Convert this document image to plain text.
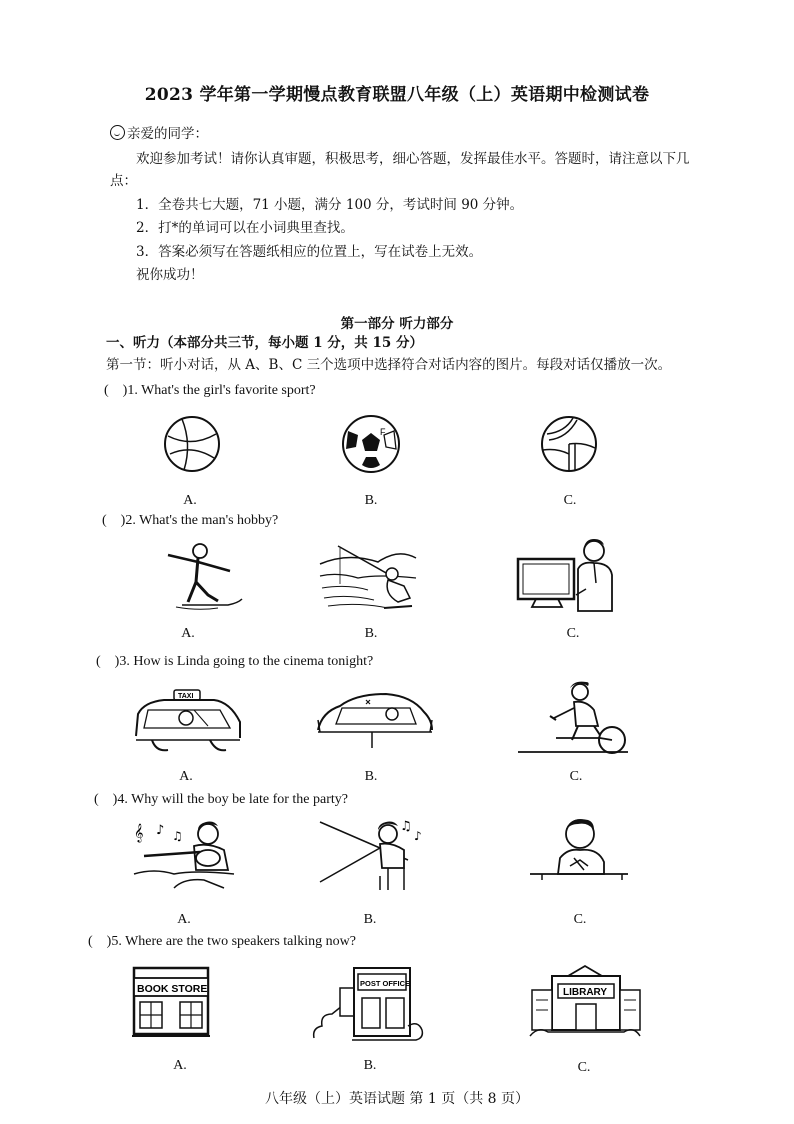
2023 学年第一学期慢点教育联盟八年级（上）英语期中检测试卷
亲爱的同学：
欢迎参加考试！请你认真审题，积极思考，细心答题，发挥最佳水平。答题时，请注意以下几
点：
1．全卷共七大题，71 小题，满分 100 分，考试时间 90 分钟。
2．打*的单词可以在小词典里查找。
3．答案必须写在答题纸相应的位置上，写在试卷上无效。
祝你成功！
第一部分 听力部分
一、听力（本部分共三节，每小题 1 分，共 15 分）
第一节：听小对话，从 A、B、C 三个选项中选择符合对话内容的图片。每段对话仅播放一次。
(    )1. What's the girl's favorite sport?
F
A.	B.	C.
(    )2. What's the man's hobby?
A.	B.	C.
(    )3. How is Linda going to the cinema tonight?
TAXI
A.	B.	C.
(    )4. Why will the boy be late for the party?
𝄞 ♪ ♫
♫
♪
A.	B.	C.
(    )5. Where are the two speakers talking now?
BOOK STORE	POST OFFICE
LIBRARY
A.	B.	C.
八年级（上）英语试题 第 1 页（共 8 页）
